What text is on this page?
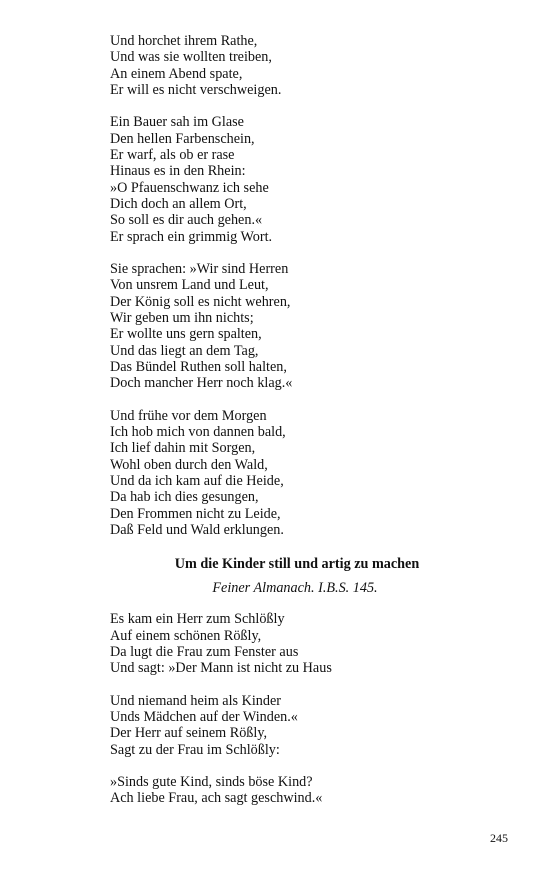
Und horchet ihrem Rathe,
Und was sie wollten treiben,
An einem Abend spate,
Er will es nicht verschweigen.
Ein Bauer sah im Glase
Den hellen Farbenschein,
Er warf, als ob er rase
Hinaus es in den Rhein:
»O Pfauenschwanz ich sehe
Dich doch an allem Ort,
So soll es dir auch gehen.«
Er sprach ein grimmig Wort.
Sie sprachen: »Wir sind Herren
Von unsrem Land und Leut,
Der König soll es nicht wehren,
Wir geben um ihn nichts;
Er wollte uns gern spalten,
Und das liegt an dem Tag,
Das Bündel Ruthen soll halten,
Doch mancher Herr noch klag.«
Und frühe vor dem Morgen
Ich hob mich von dannen bald,
Ich lief dahin mit Sorgen,
Wohl oben durch den Wald,
Und da ich kam auf die Heide,
Da hab ich dies gesungen,
Den Frommen nicht zu Leide,
Daß Feld und Wald erklungen.
Um die Kinder still und artig zu machen
Feiner Almanach. I.B.S. 145.
Es kam ein Herr zum Schlößly
Auf einem schönen Rößly,
Da lugt die Frau zum Fenster aus
Und sagt: »Der Mann ist nicht zu Haus
Und niemand heim als Kinder
Unds Mädchen auf der Winden.«
Der Herr auf seinem Rößly,
Sagt zu der Frau im Schlößly:
»Sinds gute Kind, sinds böse Kind?
Ach liebe Frau, ach sagt geschwind.«
245
